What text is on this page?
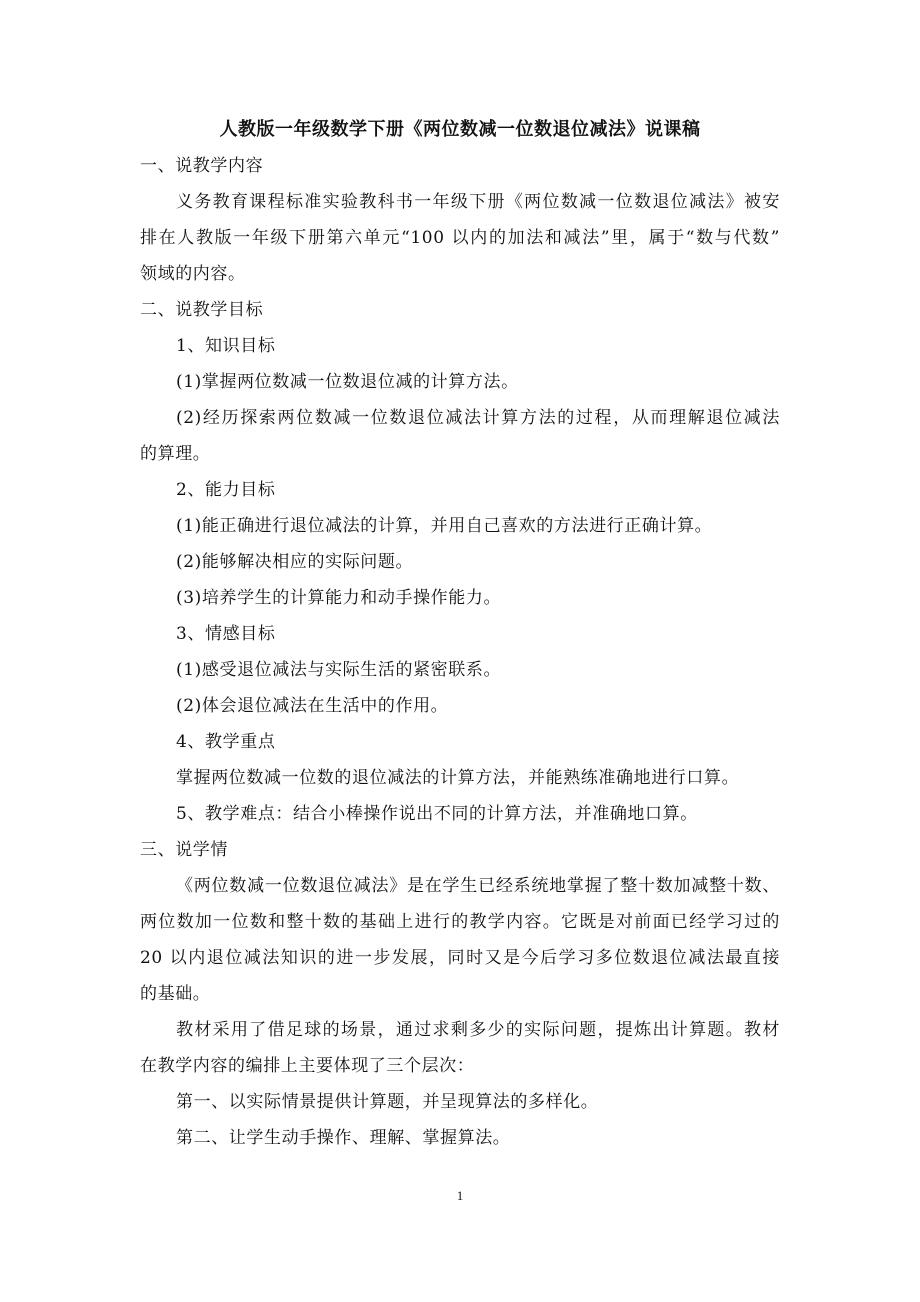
人教版一年级数学下册《两位数减一位数退位减法》说课稿
一、说教学内容
义务教育课程标准实验教科书一年级下册《两位数减一位数退位减法》被安
排在人教版一年级下册第六单元“100 以内的加法和减法”里，属于“数与代数”
领域的内容。
二、说教学目标
1、知识目标
(1)掌握两位数减一位数退位减的计算方法。
(2)经历探索两位数减一位数退位减法计算方法的过程，从而理解退位减法
的算理。
2、能力目标
(1)能正确进行退位减法的计算，并用自己喜欢的方法进行正确计算。
(2)能够解决相应的实际问题。
(3)培养学生的计算能力和动手操作能力。
3、情感目标
(1)感受退位减法与实际生活的紧密联系。
(2)体会退位减法在生活中的作用。
4、教学重点
掌握两位数减一位数的退位减法的计算方法，并能熟练准确地进行口算。
5、教学难点：结合小棒操作说出不同的计算方法，并准确地口算。
三、说学情
《两位数减一位数退位减法》是在学生已经系统地掌握了整十数加减整十数、
两位数加一位数和整十数的基础上进行的教学内容。它既是对前面已经学习过的
20 以内退位减法知识的进一步发展，同时又是今后学习多位数退位减法最直接
的基础。
教材采用了借足球的场景，通过求剩多少的实际问题，提炼出计算题。教材
在教学内容的编排上主要体现了三个层次：
第一、以实际情景提供计算题，并呈现算法的多样化。
第二、让学生动手操作、理解、掌握算法。
1
